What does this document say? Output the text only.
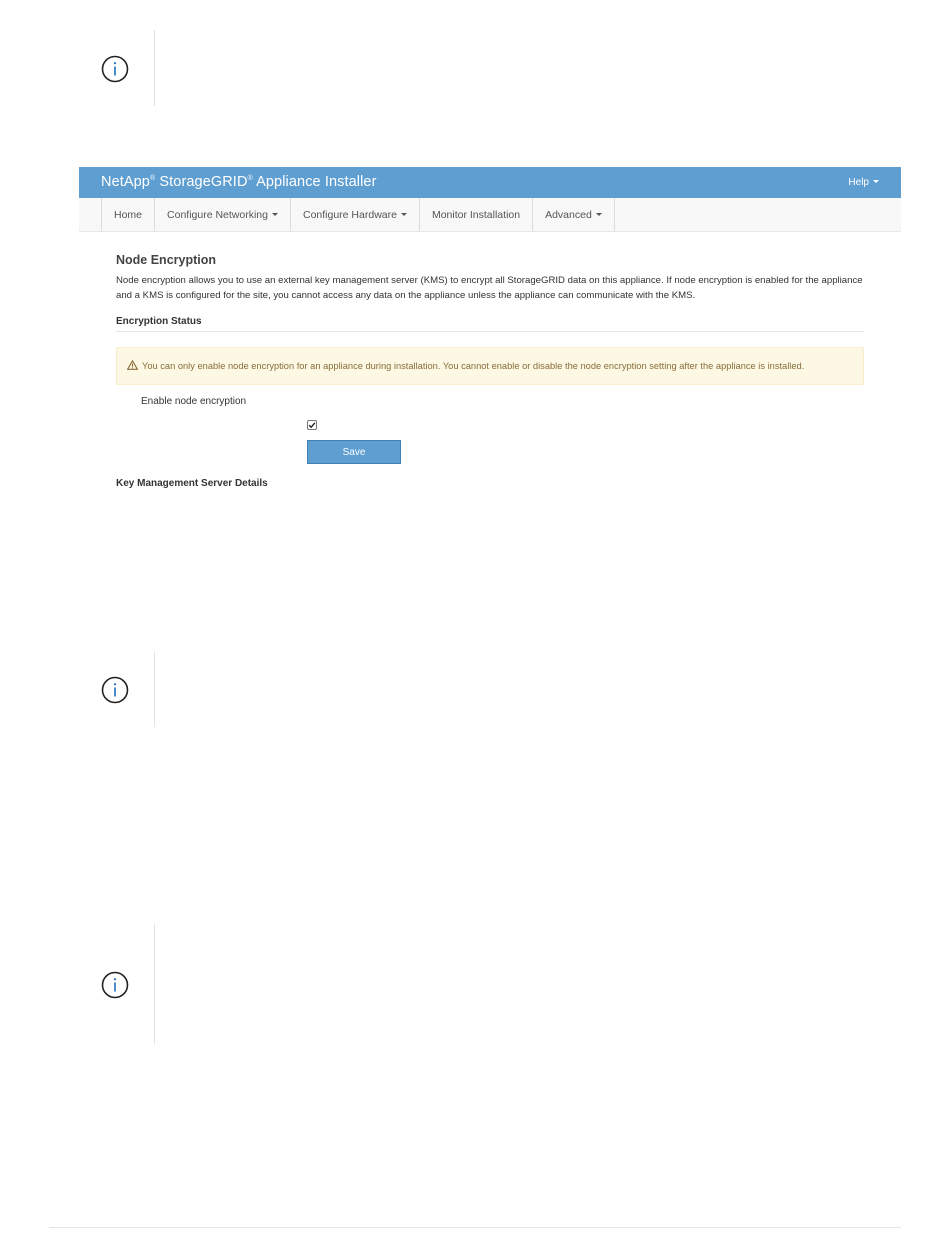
NetApp® StorageGRID® Appliance Installer	Help
Home Configure Networking	Configure Hardware	Monitor Installation Advanced
Node Encryption
Node encryption allows you to use an external key management server (KMS) to encrypt all StorageGRID data on this appliance. If node encryption is enabled for the appliance and a KMS is configured for the site, you cannot access any data on the appliance unless the appliance can communicate with the KMS.
Encryption Status
You can only enable node encryption for an appliance during installation. You cannot enable or disable the node encryption setting after the appliance is installed.
Enable node encryption
Save
Key Management Server Details
